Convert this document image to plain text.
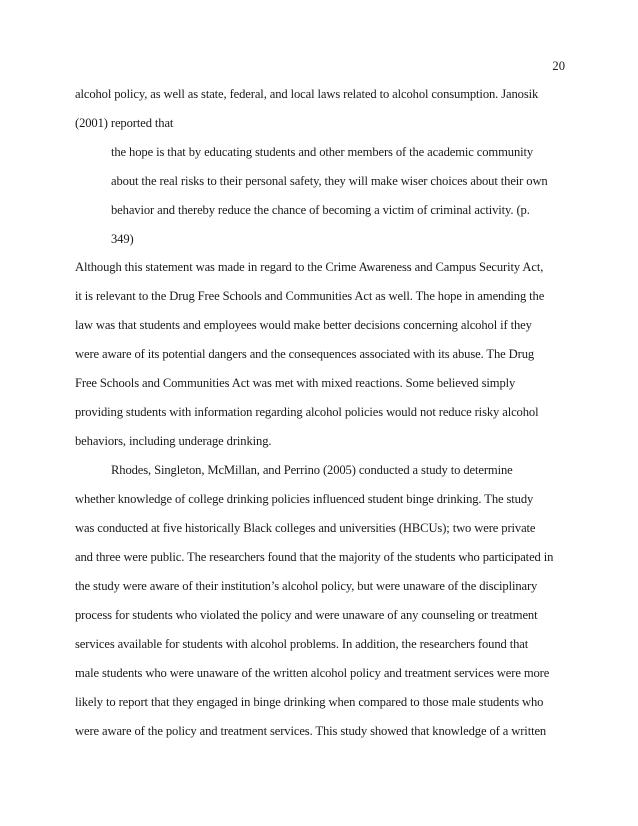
20
alcohol policy, as well as state, federal, and local laws related to alcohol consumption. Janosik
(2001) reported that
the hope is that by educating students and other members of the academic community
about the real risks to their personal safety, they will make wiser choices about their own
behavior and thereby reduce the chance of becoming a victim of criminal activity. (p.
349)
Although this statement was made in regard to the Crime Awareness and Campus Security Act,
it is relevant to the Drug Free Schools and Communities Act as well. The hope in amending the
law was that students and employees would make better decisions concerning alcohol if they
were aware of its potential dangers and the consequences associated with its abuse. The Drug
Free Schools and Communities Act was met with mixed reactions. Some believed simply
providing students with information regarding alcohol policies would not reduce risky alcohol
behaviors, including underage drinking.
Rhodes, Singleton, McMillan, and Perrino (2005) conducted a study to determine
whether knowledge of college drinking policies influenced student binge drinking. The study
was conducted at five historically Black colleges and universities (HBCUs); two were private
and three were public. The researchers found that the majority of the students who participated in
the study were aware of their institution’s alcohol policy, but were unaware of the disciplinary
process for students who violated the policy and were unaware of any counseling or treatment
services available for students with alcohol problems. In addition, the researchers found that
male students who were unaware of the written alcohol policy and treatment services were more
likely to report that they engaged in binge drinking when compared to those male students who
were aware of the policy and treatment services. This study showed that knowledge of a written
